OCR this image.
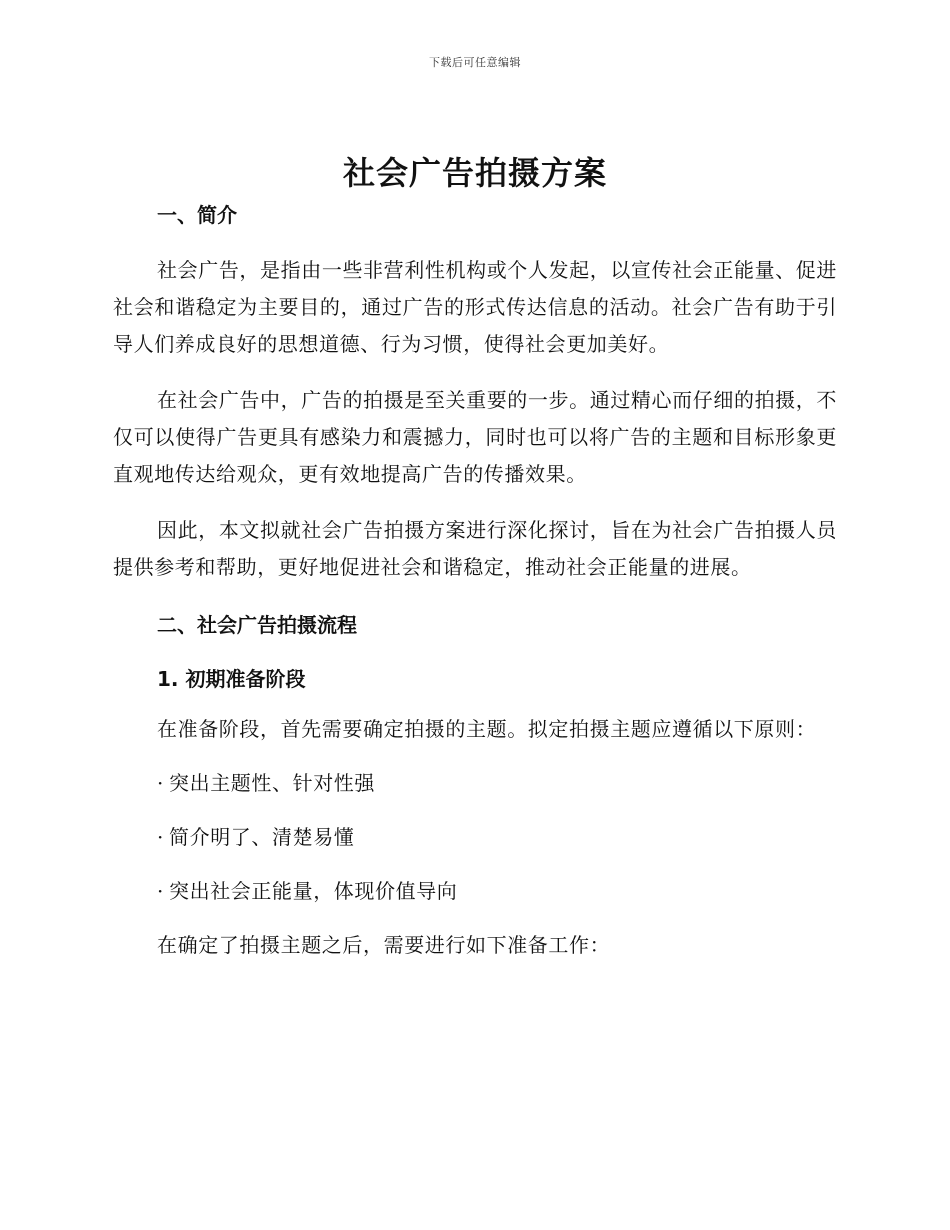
下载后可任意编辑
社会广告拍摄方案
一、简介

社会广告，是指由一些非营利性机构或个人发起，以宣传社会正能量、促进社会和谐稳定为主要目的，通过广告的形式传达信息的活动。社会广告有助于引导人们养成良好的思想道德、行为习惯，使得社会更加美好。

在社会广告中，广告的拍摄是至关重要的一步。通过精心而仔细的拍摄，不仅可以使得广告更具有感染力和震撼力，同时也可以将广告的主题和目标形象更直观地传达给观众，更有效地提高广告的传播效果。

因此，本文拟就社会广告拍摄方案进行深化探讨，旨在为社会广告拍摄人员提供参考和帮助，更好地促进社会和谐稳定，推动社会正能量的进展。

二、社会广告拍摄流程
1. 初期准备阶段

在准备阶段，首先需要确定拍摄的主题。拟定拍摄主题应遵循以下原则：

· 突出主题性、针对性强

· 简介明了、清楚易懂

· 突出社会正能量，体现价值导向

在确定了拍摄主题之后，需要进行如下准备工作：
